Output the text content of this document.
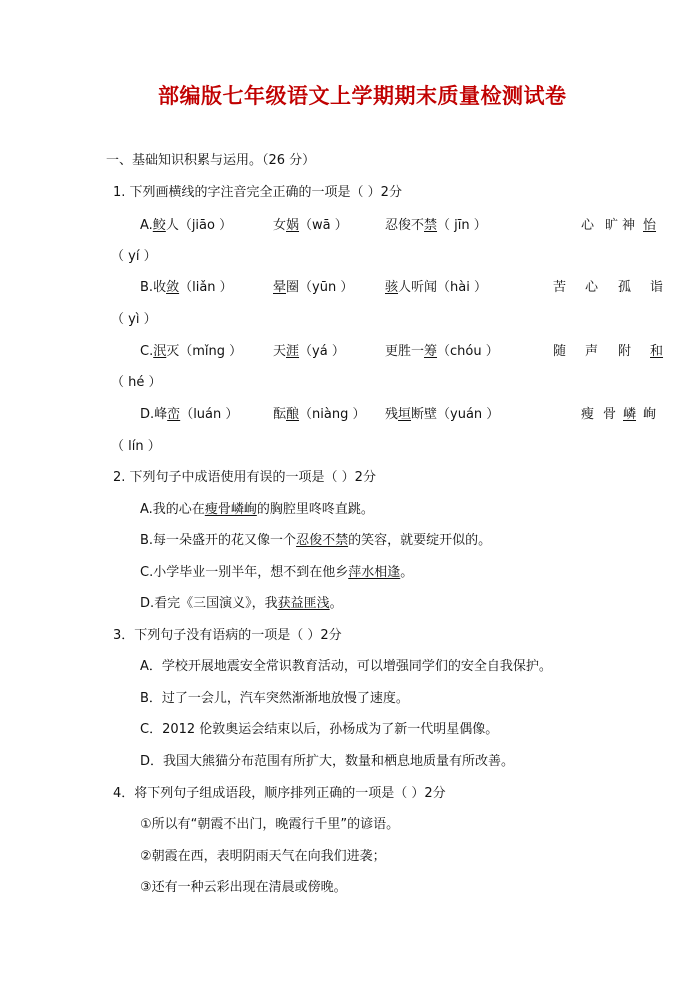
部编版七年级语文上学期期末质量检测试卷
一、基础知识积累与运用。（26 分）
1. 下列画横线的字注音完全正确的一项是（ ）2分
A.鲛人（jiāo ）	女娲（wā ）	忍俊不禁（ jīn ）	心 旷 神 怡
（ yí ）
B.收敛（liǎn ）	晕圈（yūn ） 骇人听闻（hài ）	苦 心 孤 诣
（ yì ）
C.泯灭（mǐng ） 天涯（yá ）	更胜一筹（chóu ）	随 声 附 和
（ hé ）
D.峰峦（luán ）	酝酿（niàng ） 残垣断壁（yuán ）	瘦 骨 嶙 峋
（ lín ）
2. 下列句子中成语使用有误的一项是（ ）2分
A.我的心在瘦骨嶙峋的胸腔里咚咚直跳。
B.每一朵盛开的花又像一个忍俊不禁的笑容，就要绽开似的。
C.小学毕业一别半年，想不到在他乡萍水相逢。
D.看完《三国演义》，我获益匪浅。
3．下列句子没有语病的一项是（ ）2分
A．学校开展地震安全常识教育活动，可以增强同学们的安全自我保护。
B．过了一会儿，汽车突然渐渐地放慢了速度。
C．2012 伦敦奥运会结束以后，孙杨成为了新一代明星偶像。
D．我国大熊猫分布范围有所扩大，数量和栖息地质量有所改善。
4．将下列句子组成语段，顺序排列正确的一项是（ ）2分
①所以有“朝霞不出门，晚霞行千里”的谚语。
②朝霞在西，表明阴雨天气在向我们进袭；
③还有一种云彩出现在清晨或傍晚。
